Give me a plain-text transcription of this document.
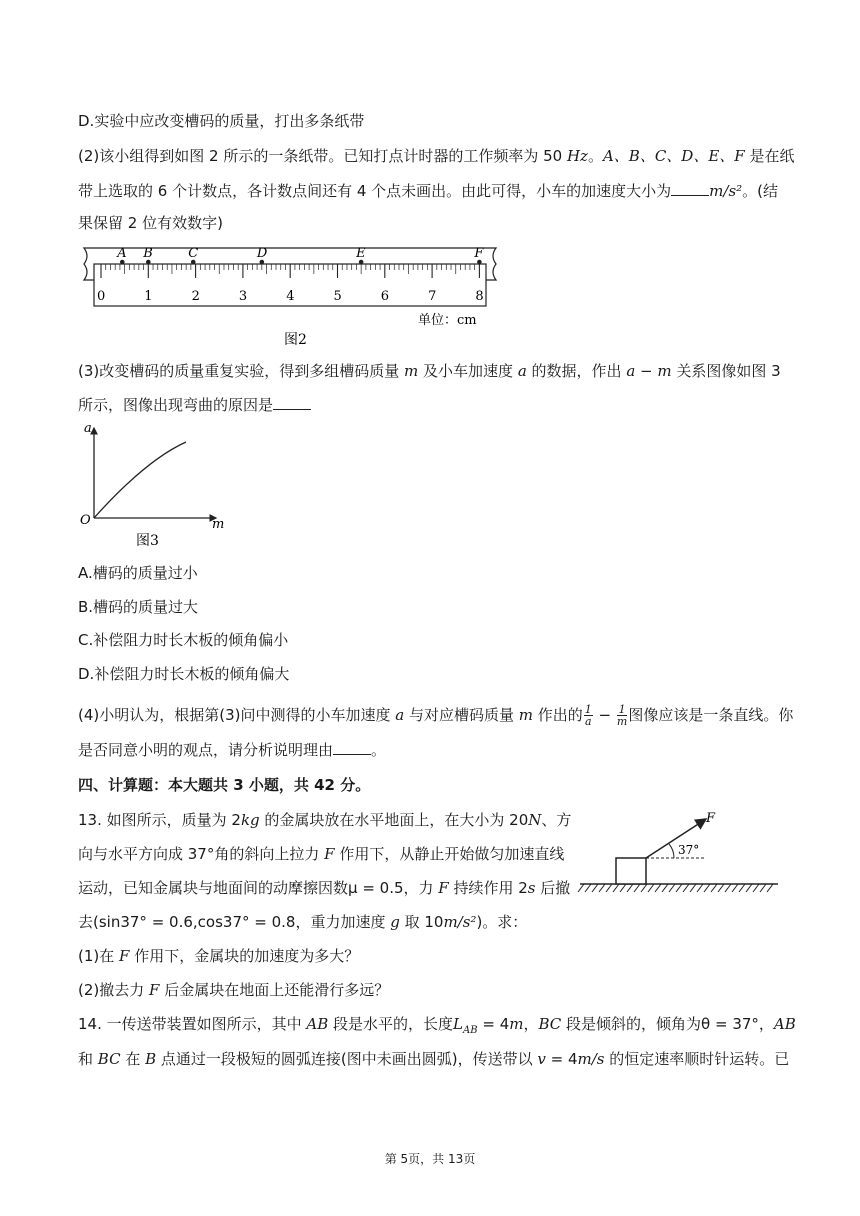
D.实验中应改变槽码的质量，打出多条纸带
(2)该小组得到如图 2 所示的一条纸带。已知打点计时器的工作频率为 50 Hz。A、B、C、D、E、F 是在纸
带上选取的 6 个计数点，各计数点间还有 4 个点未画出。由此可得，小车的加速度大小为	m/s²。(结
果保留 2 位有效数字)
0	1	2	3	4	5	6	7	8
A B	C	D	E	F
单位：cm
图2
(3)改变槽码的质量重复实验，得到多组槽码质量 m 及小车加速度 a 的数据，作出 a − m 关系图像如图 3
所示，图像出现弯曲的原因是
a
O	m
图3
A.槽码的质量过小
B.槽码的质量过大
C.补偿阻力时长木板的倾角偏小
D.补偿阻力时长木板的倾角偏大
(4)小明认为，根据第(3)问中测得的小车加速度 a 与对应槽码质量 m 作出的 $\frac{1}{a} - \frac{1}{m}$ 图像应该是一条直线。你
是否同意小明的观点，请分析说明理由	。
四、计算题：本大题共 3 小题，共 42 分。
13. 如图所示，质量为 2kg 的金属块放在水平地面上，在大小为 20N、方
向与水平方向成 37°角的斜向上拉力 F 作用下，从静止开始做匀加速直线
运动，已知金属块与地面间的动摩擦因数μ = 0.5，力 F 持续作用 2s 后撤
去(sin37° = 0.6,cos37° = 0.8，重力加速度 g 取 10m/s²)。求：
F
37°
(1)在 F 作用下，金属块的加速度为多大？
(2)撤去力 F 后金属块在地面上还能滑行多远？
14. 一传送带装置如图所示，其中 AB 段是水平的，长度$L_{AB} = 4m$，BC 段是倾斜的，倾角为θ = 37°，AB
和 BC 在 B 点通过一段极短的圆弧连接(图中未画出圆弧)，传送带以 v = 4m/s 的恒定速率顺时针运转。已
第 5页，共 13页
